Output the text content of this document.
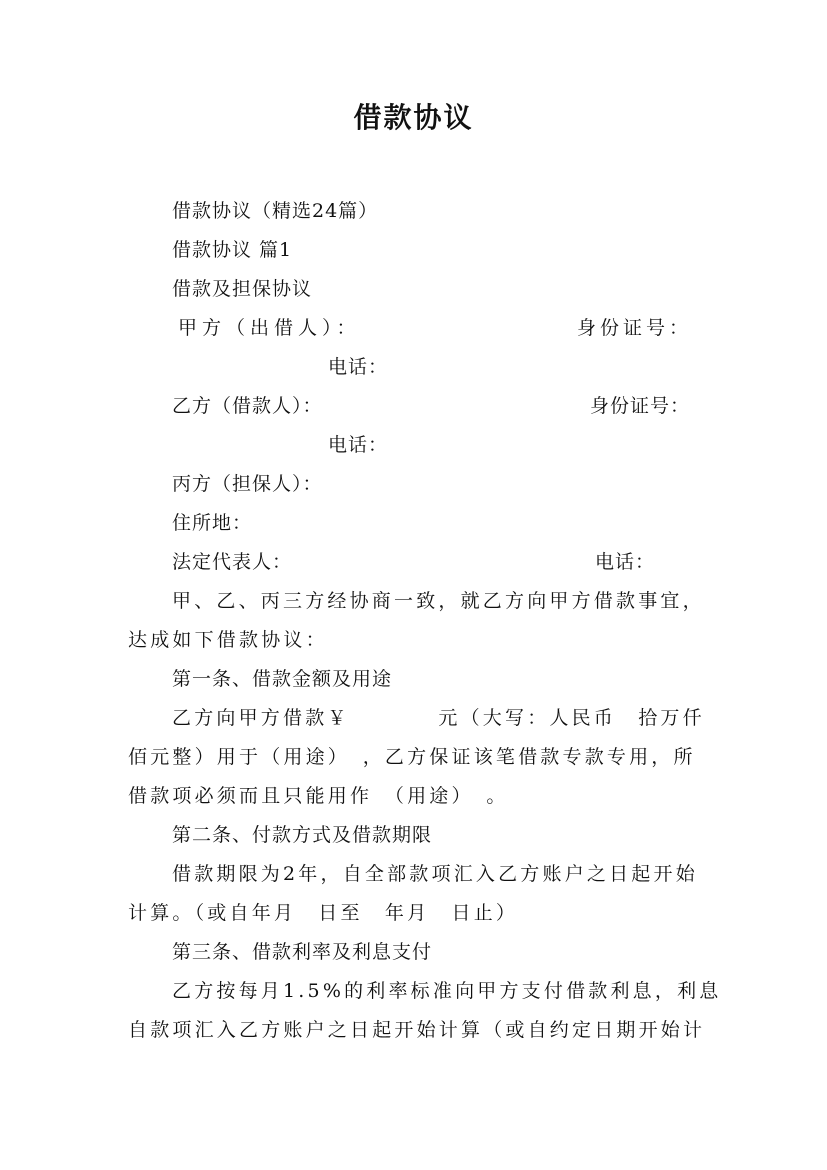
借款协议
借款协议（精选24篇）
借款协议 篇1
借款及担保协议
甲方（出借人）：	身份证号：
电话：
乙方（借款人）：	身份证号：
电话：
丙方（担保人）：
住所地：
法定代表人：	电话：
甲、乙、丙三方经协商一致，就乙方向甲方借款事宜，
达成如下借款协议：
第一条、借款金额及用途
乙方向甲方借款￥　　　　元（大写：人民币　拾万仟
佰元整）用于（用途）　，乙方保证该笔借款专款专用，所
借款项必须而且只能用作　（用途）　。
第二条、付款方式及借款期限
借款期限为2年，自全部款项汇入乙方账户之日起开始
计算。（或自年月　日至　年月　日止）
第三条、借款利率及利息支付
乙方按每月1.5%的利率标准向甲方支付借款利息，利息
自款项汇入乙方账户之日起开始计算（或自约定日期开始计
